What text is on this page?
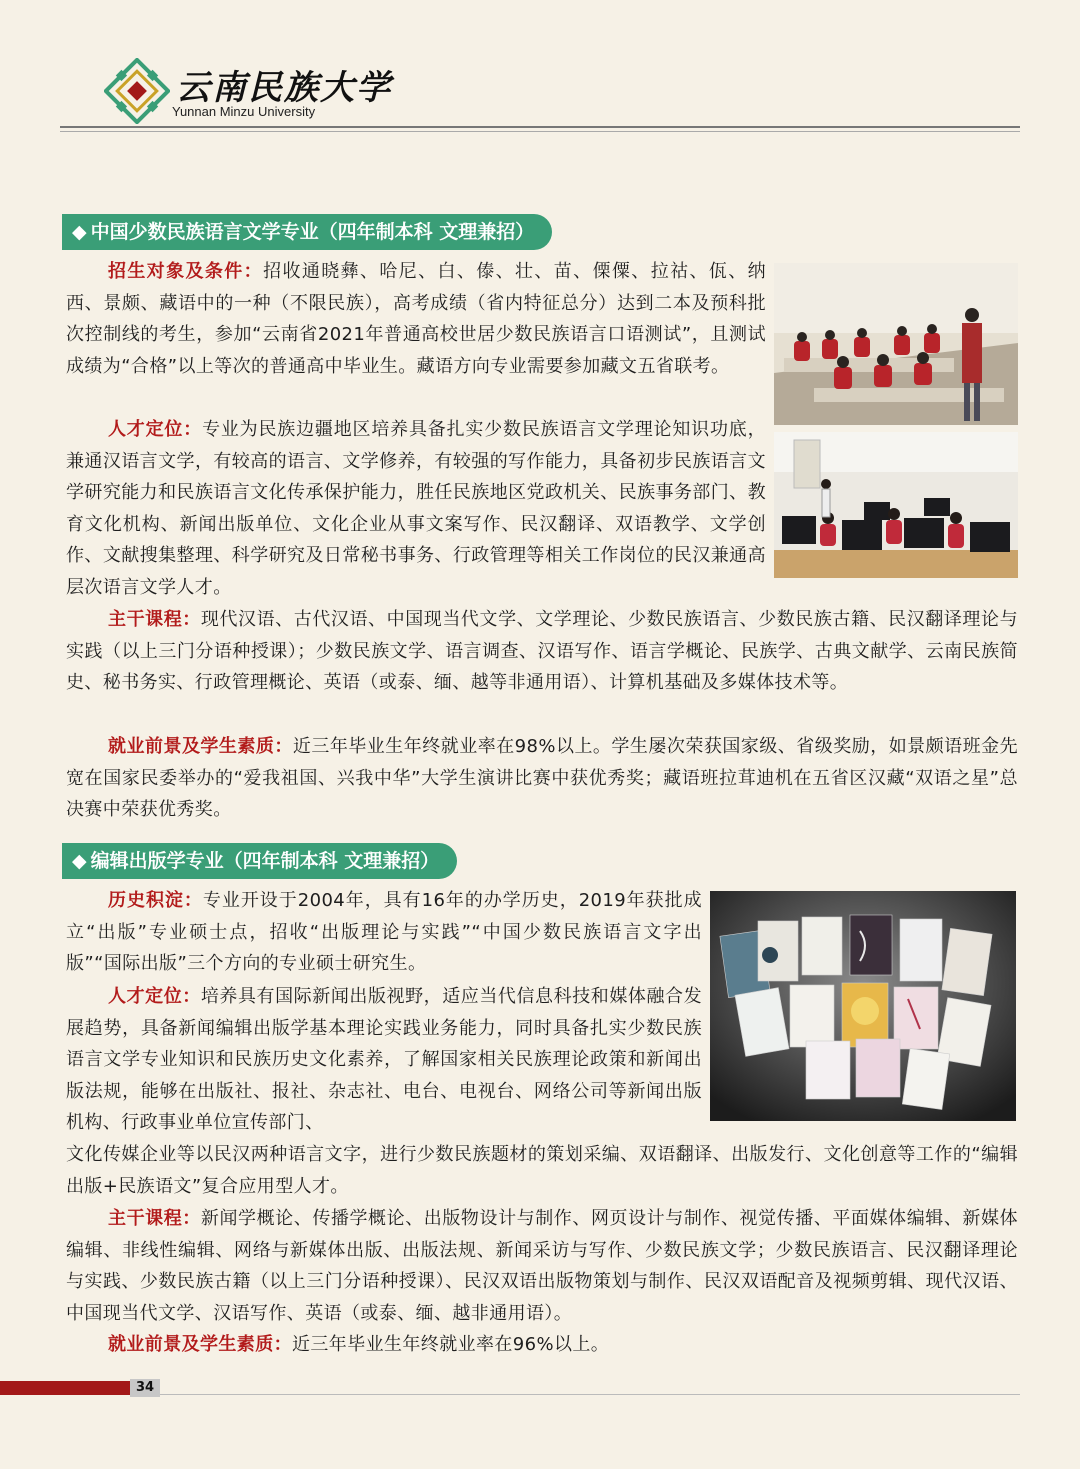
云南民族大学
Yunnan Minzu University
◆ 中国少数民族语言文学专业（四年制本科 文理兼招）

招生对象及条件：招收通晓彝、哈尼、白、傣、壮、苗、傈僳、拉祜、佤、纳西、景颇、藏语中的一种（不限民族），高考成绩（省内特征总分）达到二本及预科批次控制线的考生，参加“云南省2021年普通高校世居少数民族语言口语测试”，且测试成绩为“合格”以上等次的普通高中毕业生。藏语方向专业需要参加藏文五省联考。

人才定位：专业为民族边疆地区培养具备扎实少数民族语言文学理论知识功底，兼通汉语言文学，有较高的语言、文学修养，有较强的写作能力，具备初步民族语言文学研究能力和民族语言文化传承保护能力，胜任民族地区党政机关、民族事务部门、教育文化机构、新闻出版单位、文化企业从事文案写作、民汉翻译、双语教学、文学创作、文献搜集整理、科学研究及日常秘书事务、行政管理等相关工作岗位的民汉兼通高层次语言文学人才。

主干课程：现代汉语、古代汉语、中国现当代文学、文学理论、少数民族语言、少数民族古籍、民汉翻译理论与实践（以上三门分语种授课）；少数民族文学、语言调查、汉语写作、语言学概论、民族学、古典文献学、云南民族简史、秘书务实、行政管理概论、英语（或泰、缅、越等非通用语）、计算机基础及多媒体技术等。

就业前景及学生素质：近三年毕业生年终就业率在98%以上。学生屡次荣获国家级、省级奖励，如景颇语班金先宽在国家民委举办的“爱我祖国、兴我中华”大学生演讲比赛中获优秀奖；藏语班拉茸迪机在五省区汉藏“双语之星”总决赛中荣获优秀奖。

◆ 编辑出版学专业（四年制本科 文理兼招）

历史积淀：专业开设于2004年，具有16年的办学历史，2019年获批成立“出版”专业硕士点，招收“出版理论与实践”“中国少数民族语言文字出版”“国际出版”三个方向的专业硕士研究生。

人才定位：培养具有国际新闻出版视野，适应当代信息科技和媒体融合发展趋势，具备新闻编辑出版学基本理论实践业务能力，同时具备扎实少数民族语言文学专业知识和民族历史文化素养，了解国家相关民族理论政策和新闻出版法规，能够在出版社、报社、杂志社、电台、电视台、网络公司等新闻出版机构、行政事业单位宣传部门、

文化传媒企业等以民汉两种语言文字，进行少数民族题材的策划采编、双语翻译、出版发行、文化创意等工作的“编辑出版+民族语文”复合应用型人才。

主干课程：新闻学概论、传播学概论、出版物设计与制作、网页设计与制作、视觉传播、平面媒体编辑、新媒体编辑、非线性编辑、网络与新媒体出版、出版法规、新闻采访与写作、少数民族文学；少数民族语言、民汉翻译理论与实践、少数民族古籍（以上三门分语种授课）、民汉双语出版物策划与制作、民汉双语配音及视频剪辑、现代汉语、中国现当代文学、汉语写作、英语（或泰、缅、越非通用语）。

就业前景及学生素质：近三年毕业生年终就业率在96%以上。

34
